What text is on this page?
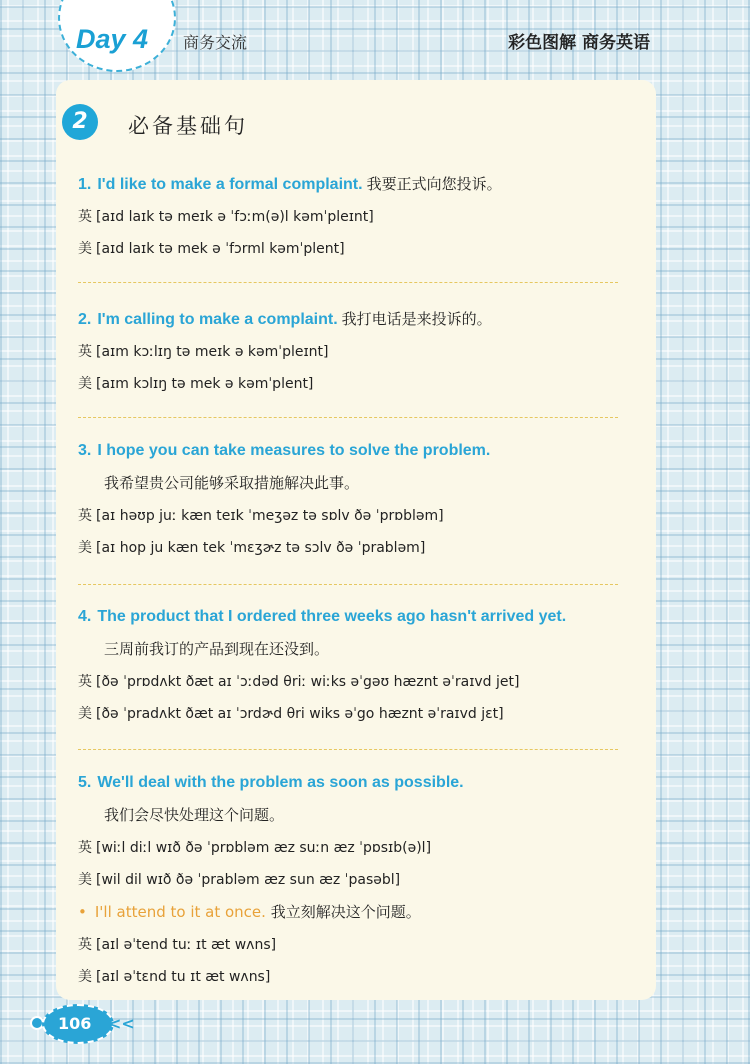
Day 4 商务交流	彩色图解 商务英语
2	必备基础句
1. I'd like to make a formal complaint. 我要正式向您投诉。
英 [aɪd laɪk tə meɪk ə ˈfɔːm(ə)l kəmˈpleɪnt]
美 [aɪd laɪk tə mek ə ˈfɔrml kəmˈplent]
2. I'm calling to make a complaint. 我打电话是来投诉的。
英 [aɪm kɔːlɪŋ tə meɪk ə kəmˈpleɪnt]
美 [aɪm kɔlɪŋ tə mek ə kəmˈplent]
3. I hope you can take measures to solve the problem.
我希望贵公司能够采取措施解决此事。
英 [aɪ həʊp juː kæn teɪk ˈmeʒəz tə sɒlv ðə ˈprɒbləm]
美 [aɪ hop ju kæn tek ˈmɛʒɚz tə sɔlv ðə ˈprabləm]
4. The product that I ordered three weeks ago hasn't arrived yet.
三周前我订的产品到现在还没到。
英 [ðə ˈprɒdʌkt ðæt aɪ ˈɔːdəd θriː wiːks əˈgəʊ hæznt əˈraɪvd jet]
美 [ðə ˈpradʌkt ðæt aɪ ˈɔrdɚd θri wiks əˈgo hæznt əˈraɪvd jɛt]
5. We'll deal with the problem as soon as possible.
我们会尽快处理这个问题。
英 [wiːl diːl wɪð ðə ˈprɒbləm æz suːn æz ˈpɒsɪb(ə)l]
美 [wil dil wɪð ðə ˈprabləm æz sun æz ˈpasəbl]
• I'll attend to it at once. 我立刻解决这个问题。
英 [aɪl əˈtend tuː ɪt æt wʌns]
美 [aɪl əˈtɛnd tu ɪt æt wʌns]
106 <<
